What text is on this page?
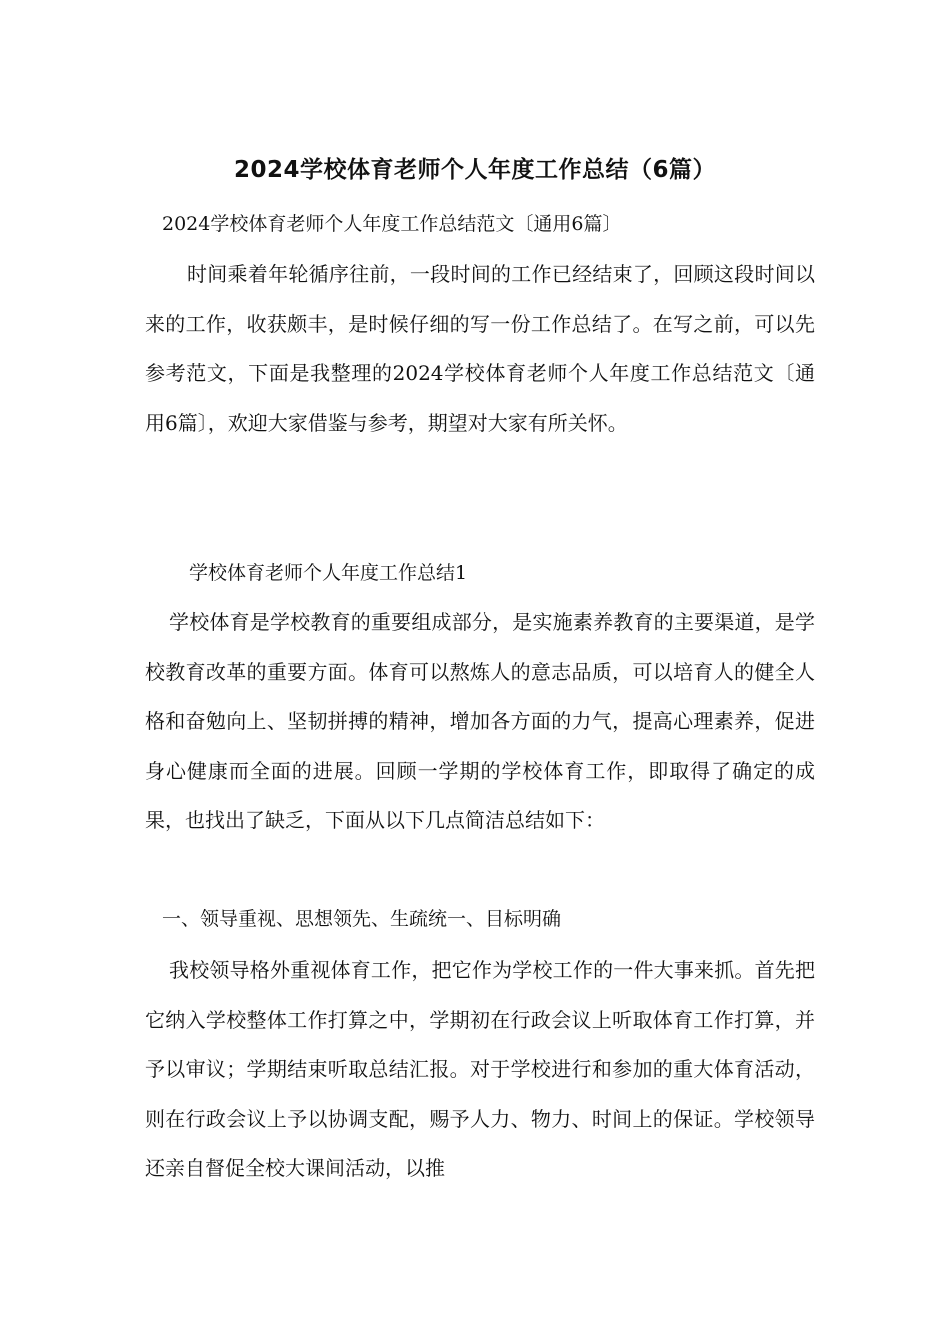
2024学校体育老师个人年度工作总结（6篇）
2024学校体育老师个人年度工作总结范文〔通用6篇〕

时间乘着年轮循序往前，一段时间的工作已经结束了，回顾这段时间以来的工作，收获颇丰，是时候仔细的写一份工作总结了。在写之前，可以先参考范文，下面是我整理的2024学校体育老师个人年度工作总结范文〔通用6篇〕，欢迎大家借鉴与参考，期望对大家有所关怀。

学校体育老师个人年度工作总结1

学校体育是学校教育的重要组成部分，是实施素养教育的主要渠道，是学校教育改革的重要方面。体育可以熬炼人的意志品质，可以培育人的健全人格和奋勉向上、坚韧拼搏的精神，增加各方面的力气，提高心理素养，促进身心健康而全面的进展。回顾一学期的学校体育工作，即取得了确定的成果，也找出了缺乏，下面从以下几点简洁总结如下：

一、领导重视、思想领先、生疏统一、目标明确

我校领导格外重视体育工作，把它作为学校工作的一件大事来抓。首先把它纳入学校整体工作打算之中，学期初在行政会议上听取体育工作打算，并予以审议；学期结束听取总结汇报。对于学校进行和参加的重大体育活动，则在行政会议上予以协调支配，赐予人力、物力、时间上的保证。学校领导还亲自督促全校大课间活动，以推
